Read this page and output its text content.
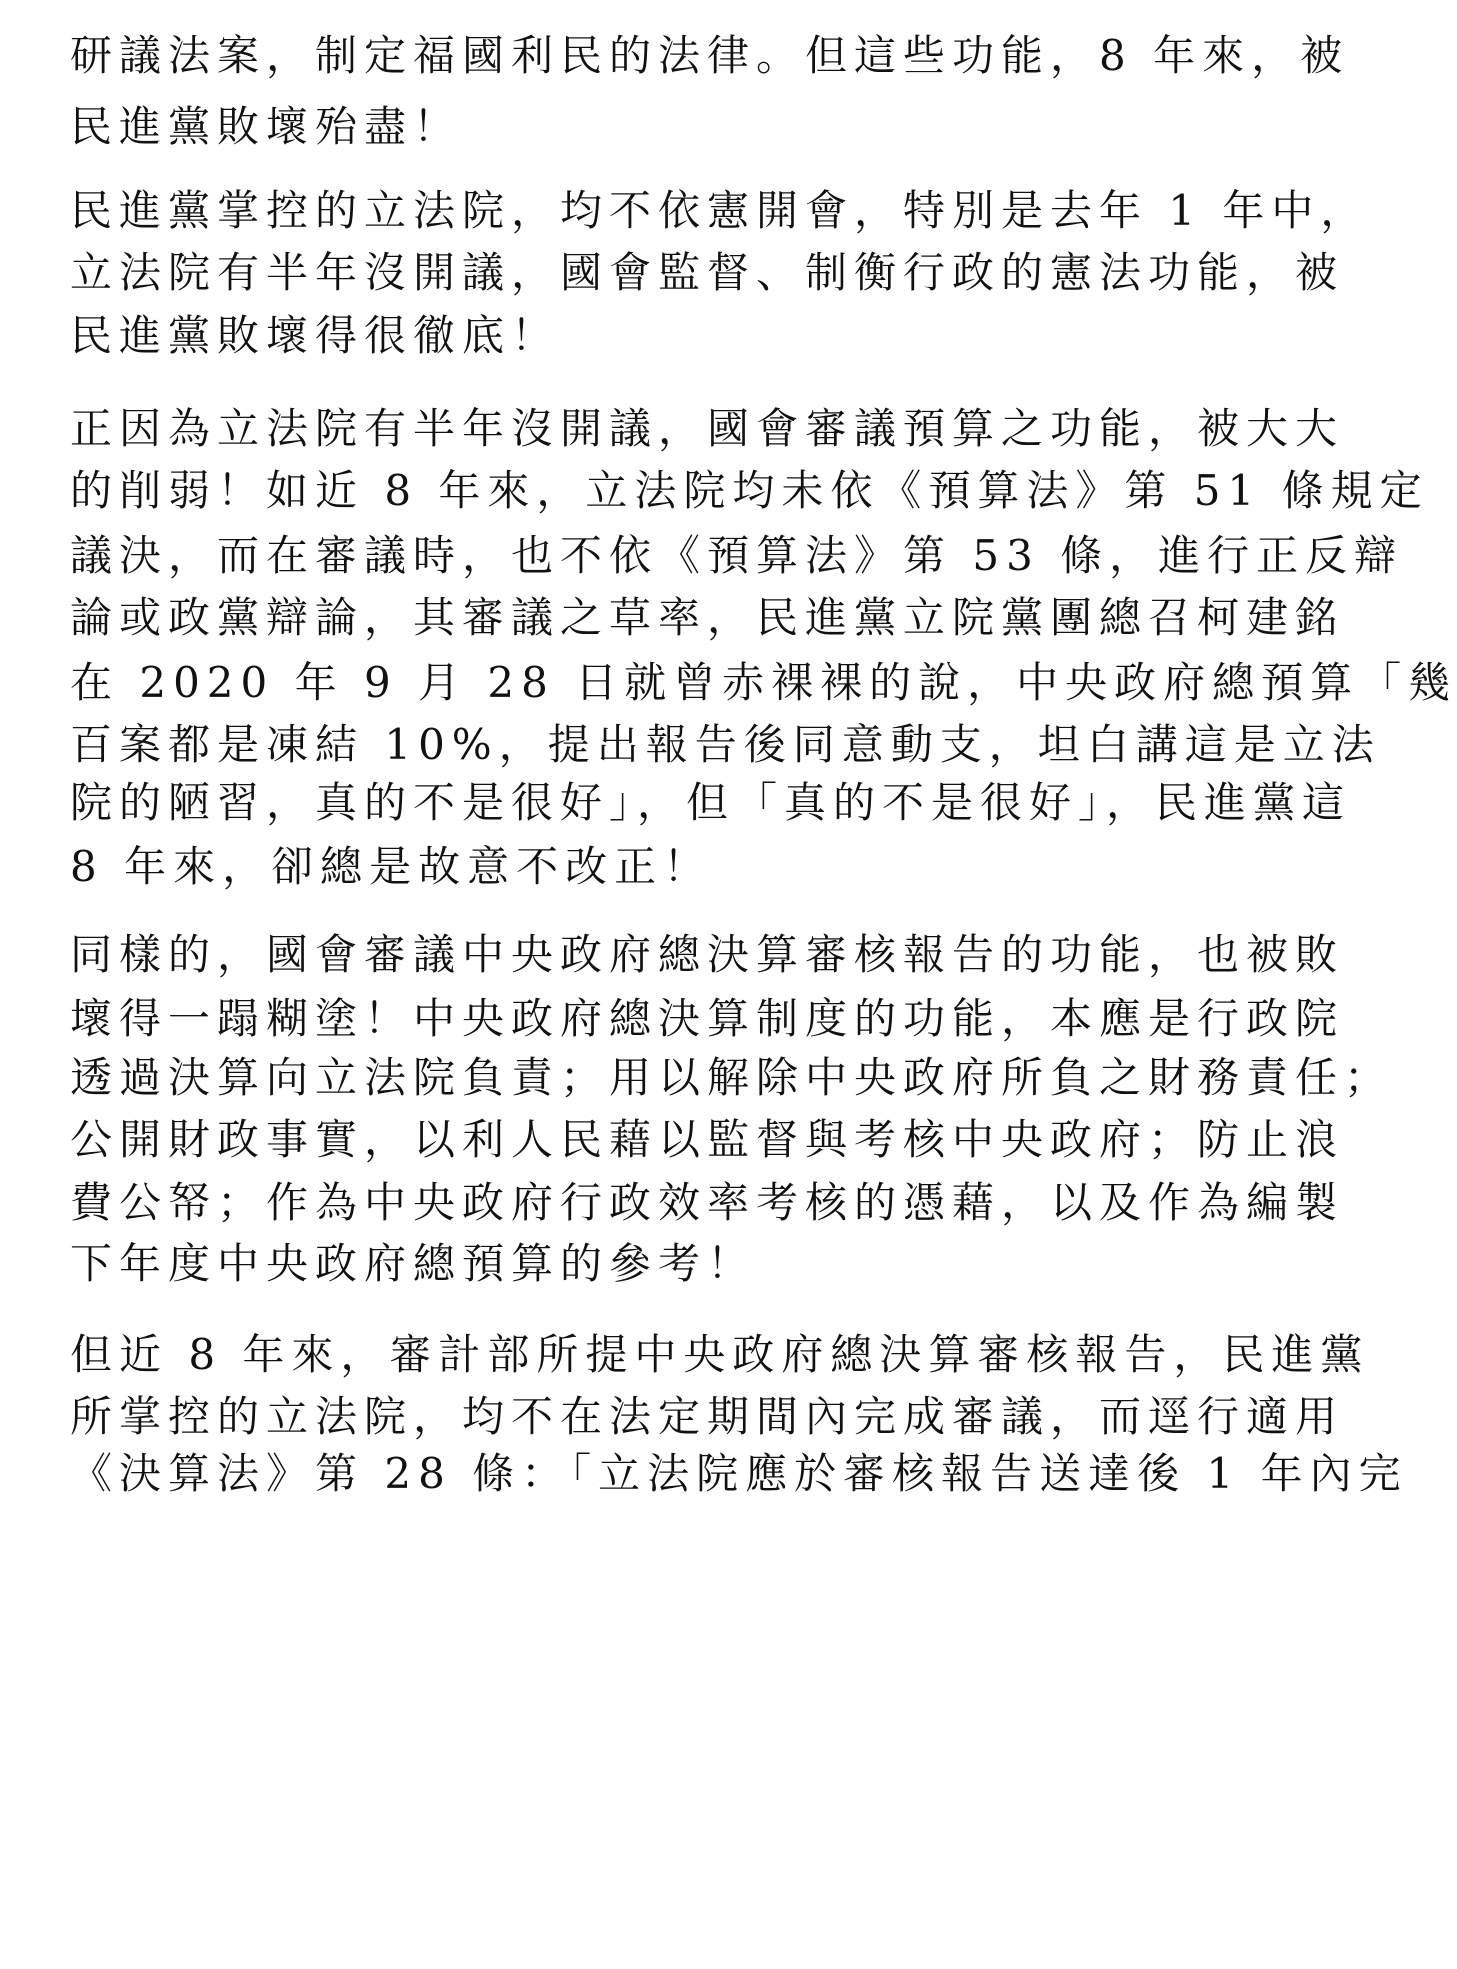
研議法案，制定福國利民的法律。但這些功能，8 年來，被
民進黨敗壞殆盡！
民進黨掌控的立法院，均不依憲開會，特別是去年 1 年中，
立法院有半年沒開議，國會監督、制衡行政的憲法功能，被
民進黨敗壞得很徹底！
正因為立法院有半年沒開議，國會審議預算之功能，被大大
的削弱！如近 8 年來，立法院均未依《預算法》第 51 條規定
議決，而在審議時，也不依《預算法》第 53 條，進行正反辯
論或政黨辯論，其審議之草率，民進黨立院黨團總召柯建銘
在 2020 年 9 月 28 日就曾赤裸裸的說，中央政府總預算「幾
百案都是凍結 10%，提出報告後同意動支，坦白講這是立法
院的陋習，真的不是很好」，但「真的不是很好」，民進黨這
8 年來，卻總是故意不改正！
同樣的，國會審議中央政府總決算審核報告的功能，也被敗
壞得一蹋糊塗！中央政府總決算制度的功能，本應是行政院
透過決算向立法院負責；用以解除中央政府所負之財務責任；
公開財政事實，以利人民藉以監督與考核中央政府；防止浪
費公帑；作為中央政府行政效率考核的憑藉，以及作為編製
下年度中央政府總預算的參考！
但近 8 年來，審計部所提中央政府總決算審核報告，民進黨
所掌控的立法院，均不在法定期間內完成審議，而逕行適用
《決算法》第 28 條：「立法院應於審核報告送達後 1 年內完
